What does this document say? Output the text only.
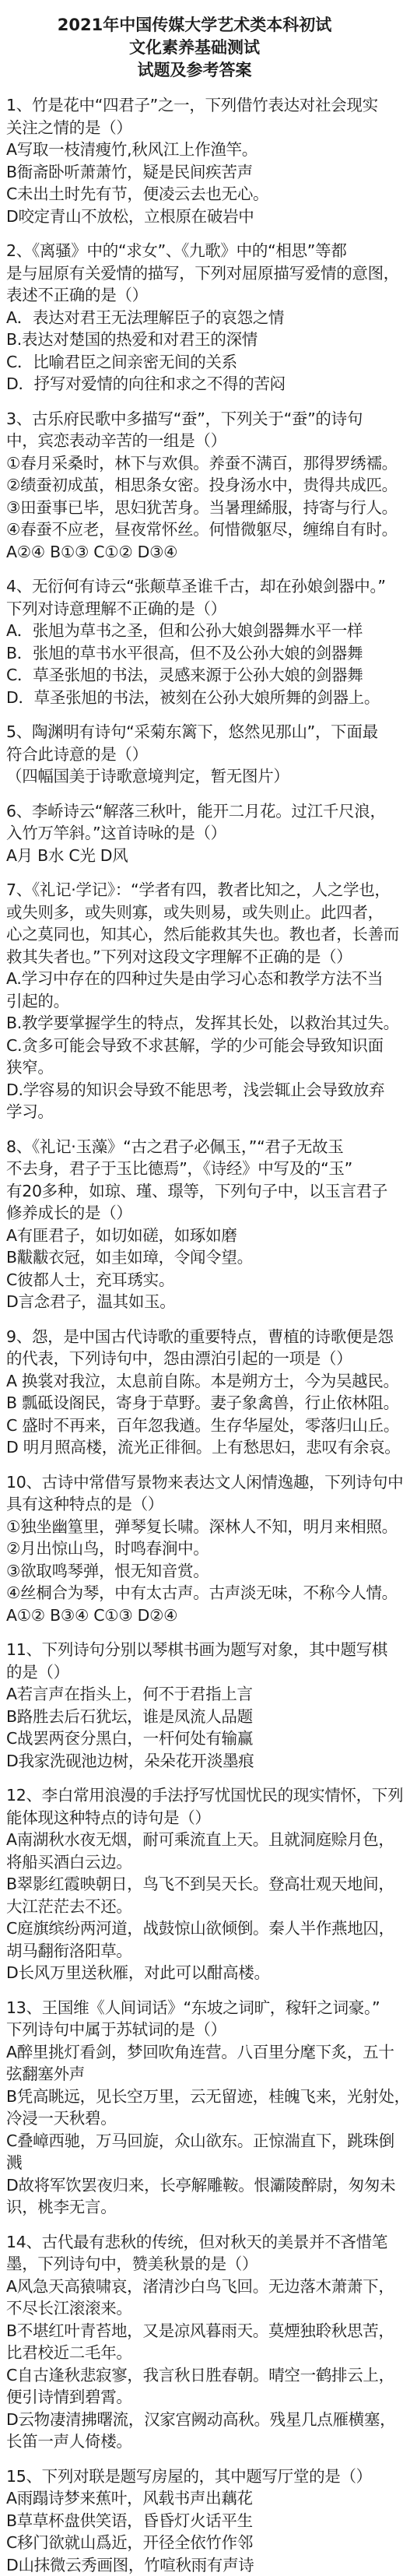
2021年中国传媒大学艺术类本科初试
文化素养基础测试
试题及参考答案
1、竹是花中“四君子”之一，下列借竹表达对社会现实
关注之情的是（）
A写取一枝清瘦竹,秋风江上作渔竿。
B衙斋卧听萧萧竹，疑是民间疾苦声
C未出土时先有节，便凌云去也无心。
D咬定青山不放松，立根原在破岩中
2、《离骚》中的“求女”、《九歌》中的“相思”等都
是与屈原有关爱情的描写，下列对屈原描写爱情的意图，
表述不正确的是（）
A．表达对君王无法理解臣子的哀怨之情
B.表达对楚国的热爱和对君王的深情
C．比喻君臣之间亲密无间的关系
D．抒写对爱情的向往和求之不得的苦闷
3、古乐府民歌中多描写“蚕”，下列关于“蚕”的诗句
中，宾恋表动辛苦的一组是（）
①春月采桑时，林下与欢俱。养蚕不满百，那得罗绣襦。
②绩蚕初成茧，相思条女密。投身汤水中，贵得共成匹。
③田蚕事已毕，思妇犹苦身。当暑理絺服，持寄与行人。
④春蚕不应老，昼夜常怀丝。何惜微躯尽，缠绵自有时。
A②④ B①③ C①② D③④
4、无衍何有诗云“张颠草圣谁千古，却在孙娘剑器中。”
下列对诗意理解不正确的是（）
A．张旭为草书之圣，但和公孙大娘剑器舞水平一样
B．张旭的草书水平很高，但不及公孙大娘的剑器舞
C．草圣张旭的书法，灵感来源于公孙大娘的剑器舞
D．草圣张旭的书法，被刻在公孙大娘所舞的剑器上。
5、陶渊明有诗句“采菊东篱下，悠然见那山”，下面最
符合此诗意的是（）
（四幅国美于诗歌意境判定，暂无图片）
6、李峤诗云“解落三秋叶，能开二月花。过江千尺浪，
入竹万竿斜。”这首诗咏的是（）
A月 B水 C光 D风
7、《礼记·学记》：“学者有四，教者比知之，人之学也，
或失则多，或失则寡，或失则易，或失则止。此四者，
心之莫同也，知其心，然后能救其失也。教也者，长善而
救其失者也。”下列对这段文字理解不正确的是（）
A.学习中存在的四种过失是由学习心态和教学方法不当
引起的。
B.教学要掌握学生的特点，发挥其长处，以救治其过失。
C.贪多可能会导致不求甚解，学的少可能会导致知识面
狭窄。
D.学容易的知识会导致不能思考，浅尝辄止会导致放弃
学习。
8、《礼记·玉藻》“古之君子必佩玉，”“君子无故玉
不去身，君子于玉比德焉”，《诗经》中写及的“玉”
有20多种，如琼、瑾、璟等，下列句子中，以玉言君子
修养成长的是（）
A有匪君子，如切如磋，如琢如磨
B黻黻衣冠，如圭如璋，令闻令望。
C彼都人士，充耳琇实。
D言念君子，温其如玉。
9、怨，是中国古代诗歌的重要特点，曹植的诗歌便是怨
的代表，下列诗句中，怨由漂泊引起的一项是（）
A 换裳对我泣，太息前自陈。本是朔方士，今为吴越民。
B 瓢砥设阁民，寄身于草野。妻子象禽兽，行止依林阻。
C 盛时不再来，百年忽我遒。生存华屋处，零落归山丘。
D 明月照高楼，流光正徘徊。上有愁思妇，悲叹有余哀。
10、古诗中常借写景物来表达文人闲情逸趣，下列诗句中
具有这种特点的是（）
①独坐幽篁里，弹琴复长啸。深林人不知，明月来相照。
②月出惊山鸟，时鸣春涧中。
③欲取鸣琴弹，恨无知音赏。
④丝桐合为琴，中有太古声。古声淡无味，不称今人情。
A①② B③④ C①③ D②④
11、下列诗句分别以琴棋书画为题写对象，其中题写棋
的是（）
A若言声在指头上，何不于君指上言
B路胜去后石犹坛，谁是凤流人品题
C战罢两奁分黑白，一杆何处有输赢
D我家洗砚池边树，朵朵花开淡墨痕
12、李白常用浪漫的手法抒写忧国忧民的现实情怀，下列
能体现这种特点的诗句是（）
A南湖秋水夜无烟，耐可乘流直上天。且就洞庭赊月色，
将船买酒白云边。
B翠影红霞映朝日，鸟飞不到吴天长。登高壮观天地间，
大江茫茫去不还。
C庭旗缤纷两河道，战鼓惊山欲倾倒。秦人半作燕地囚，
胡马翻衔洛阳草。
D长风万里送秋雁，对此可以酣高楼。
13、王国维《人间词话》“东坡之词旷，稼轩之词豪。”
下列诗句中属于苏轼词的是（）
A醉里挑灯看剑，梦回吹角连营。八百里分麾下炙，五十
弦翻塞外声
B凭高眺远，见长空万里，云无留迹，桂魄飞来，光射处，
冷浸一天秋碧。
C叠嶂西驰，万马回旋，众山欲东。正惊湍直下，跳珠倒
溅
D故将军饮罢夜归来，长亭解雕鞍。恨灞陵醉尉，匆匆未
识，桃李无言。
14、古代最有悲秋的传统，但对秋天的美景并不吝惜笔
墨，下列诗句中，赞美秋景的是（）
A风急天高猿啸哀，渚清沙白鸟飞回。无边落木萧萧下，
不尽长江滚滚来。
B不堪红叶青苔地，又是凉风暮雨天。莫煙独聆秋思苦，
比君校近二毛年。
C自古逢秋悲寂寥，我言秋日胜春朝。晴空一鹤排云上，
便引诗情到碧霄。
D云物凄清拂曙流，汉家宫阙动高秋。残星几点雁横塞，
长笛一声人倚楼。
15、下列对联是题写房屋的，其中题写厅堂的是（）
A雨蹋诗梦来蕉叶，风载书声出藕花
B草草杯盘供笑语，昏昏灯火话平生
C移门欲就山爲近，开径全依竹作邻
D山抹微云秀画图，竹喧秋雨有声诗
